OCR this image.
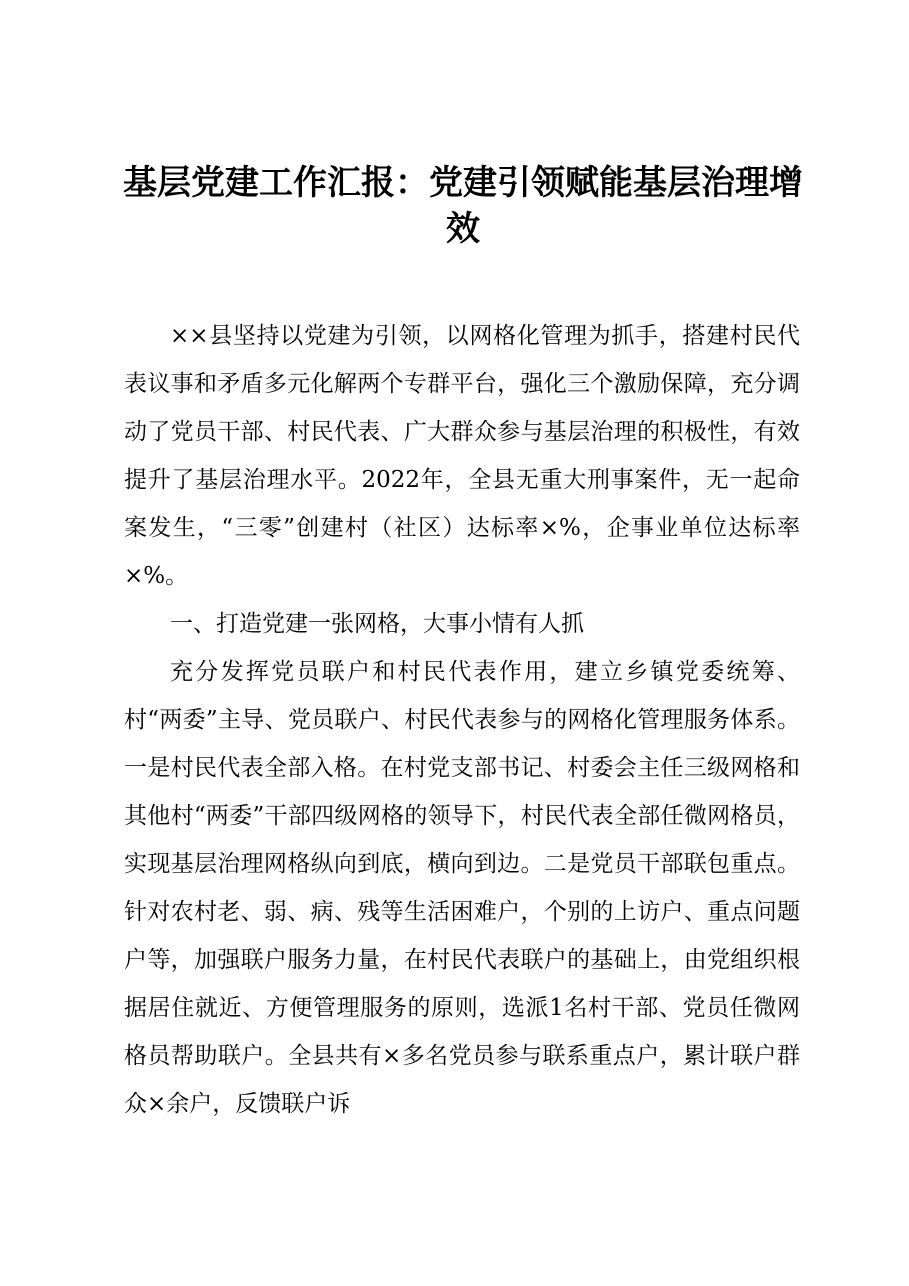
基层党建工作汇报：党建引领赋能基层治理增效

××县坚持以党建为引领，以网格化管理为抓手，搭建村民代表议事和矛盾多元化解两个专群平台，强化三个激励保障，充分调动了党员干部、村民代表、广大群众参与基层治理的积极性，有效提升了基层治理水平。2022年，全县无重大刑事案件，无一起命案发生，“三零”创建村（社区）达标率×%，企事业单位达标率×%。

一、打造党建一张网格，大事小情有人抓

充分发挥党员联户和村民代表作用，建立乡镇党委统筹、村“两委”主导、党员联户、村民代表参与的网格化管理服务体系。一是村民代表全部入格。在村党支部书记、村委会主任三级网格和其他村“两委”干部四级网格的领导下，村民代表全部任微网格员，实现基层治理网格纵向到底，横向到边。二是党员干部联包重点。针对农村老、弱、病、残等生活困难户，个别的上访户、重点问题户等，加强联户服务力量，在村民代表联户的基础上，由党组织根据居住就近、方便管理服务的原则，选派1名村干部、党员任微网格员帮助联户。全县共有×多名党员参与联系重点户，累计联户群众×余户，反馈联户诉
